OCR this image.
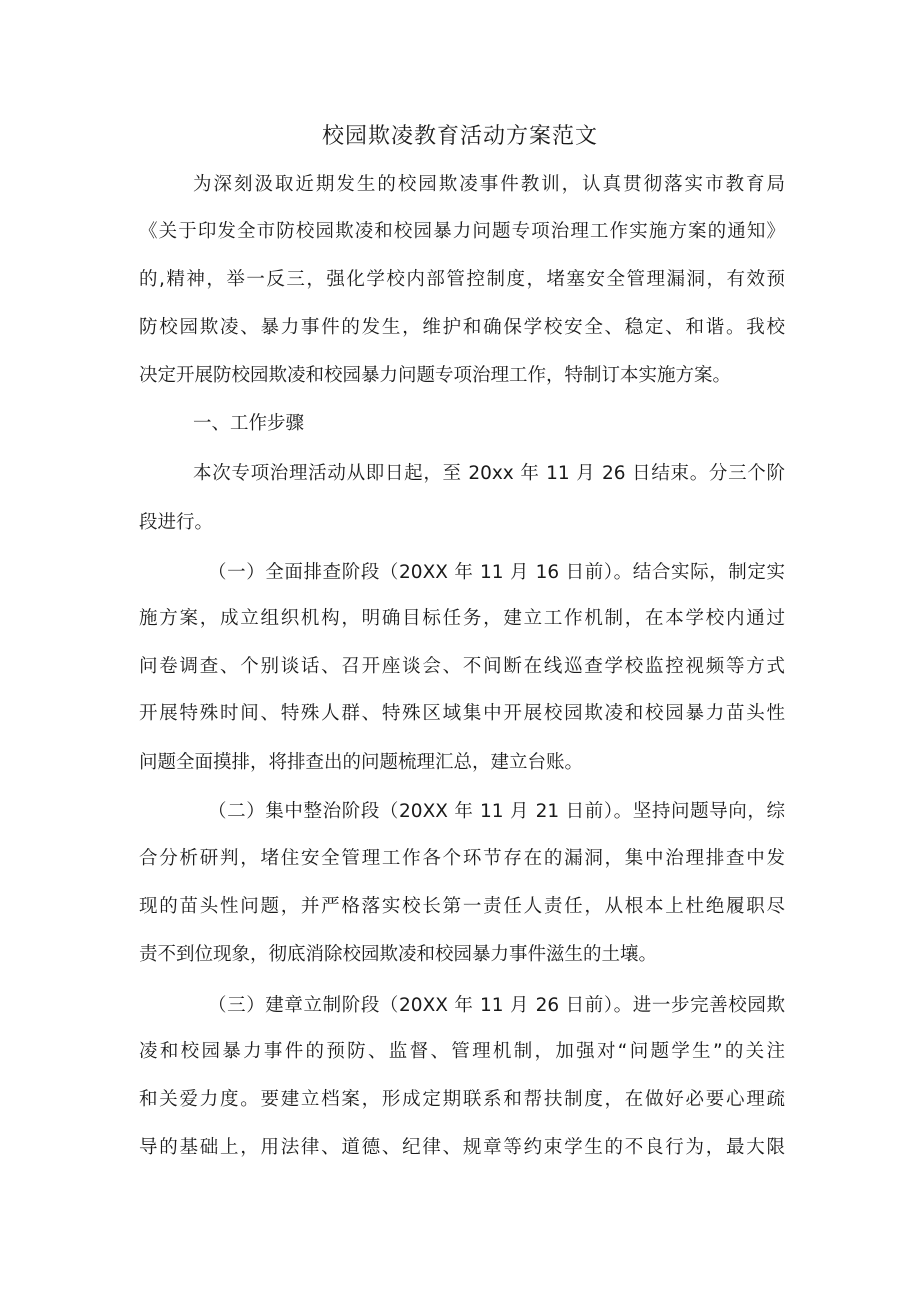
校园欺凌教育活动方案范文

为深刻汲取近期发生的校园欺凌事件教训，认真贯彻落实市教育局

《关于印发全市防校园欺凌和校园暴力问题专项治理工作实施方案的通知》

的,精神，举一反三，强化学校内部管控制度，堵塞安全管理漏洞，有效预

防校园欺凌、暴力事件的发生，维护和确保学校安全、稳定、和谐。我校

决定开展防校园欺凌和校园暴力问题专项治理工作，特制订本实施方案。

一、工作步骤

本次专项治理活动从即日起，至 20xx 年 11 月 26 日结束。分三个阶

段进行。

（一）全面排查阶段（20XX 年 11 月 16 日前）。结合实际，制定实

施方案，成立组织机构，明确目标任务，建立工作机制，在本学校内通过

问卷调查、个别谈话、召开座谈会、不间断在线巡查学校监控视频等方式

开展特殊时间、特殊人群、特殊区域集中开展校园欺凌和校园暴力苗头性

问题全面摸排，将排查出的问题梳理汇总，建立台账。

（二）集中整治阶段（20XX 年 11 月 21 日前）。坚持问题导向，综

合分析研判，堵住安全管理工作各个环节存在的漏洞，集中治理排查中发

现的苗头性问题，并严格落实校长第一责任人责任，从根本上杜绝履职尽

责不到位现象，彻底消除校园欺凌和校园暴力事件滋生的土壤。

（三）建章立制阶段（20XX 年 11 月 26 日前）。进一步完善校园欺

凌和校园暴力事件的预防、监督、管理机制，加强对“问题学生”的关注

和关爱力度。要建立档案，形成定期联系和帮扶制度，在做好必要心理疏

导的基础上，用法律、道德、纪律、规章等约束学生的不良行为，最大限
